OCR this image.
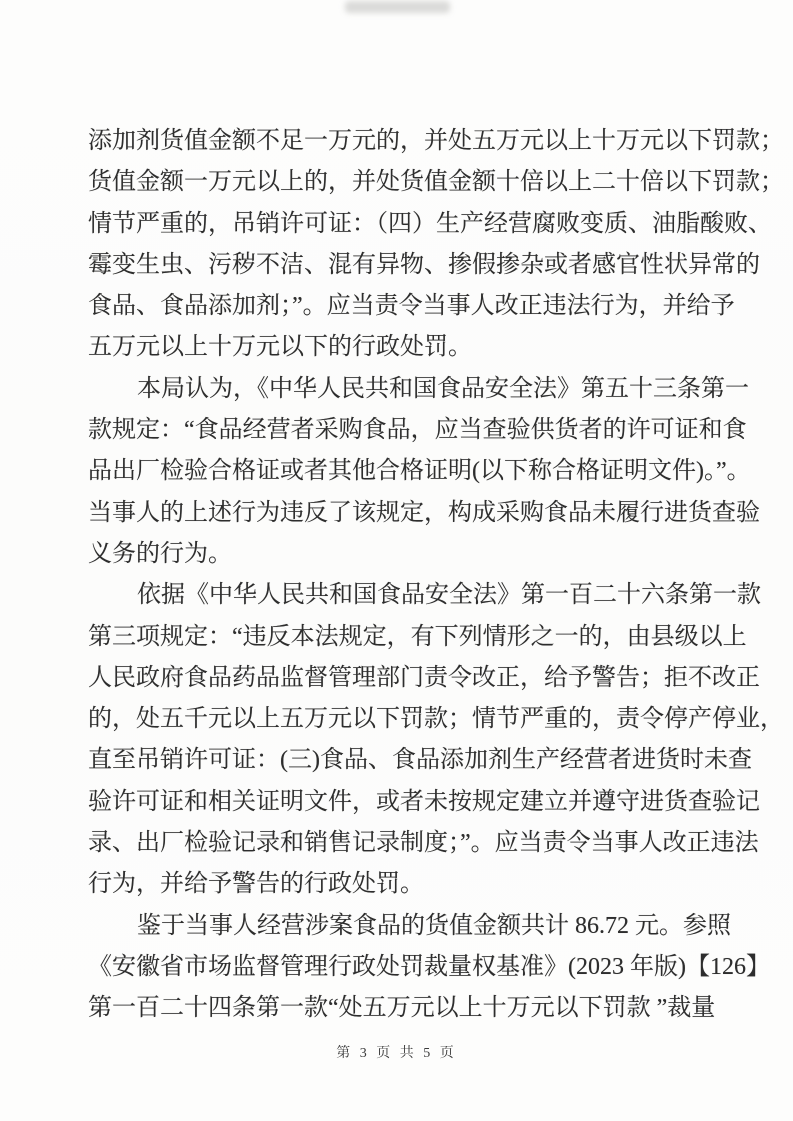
添加剂货值金额不足一万元的，并处五万元以上十万元以下罚款；
货值金额一万元以上的，并处货值金额十倍以上二十倍以下罚款；
情节严重的，吊销许可证：（四）生产经营腐败变质、油脂酸败、
霉变生虫、污秽不洁、混有异物、掺假掺杂或者感官性状异常的
食品、食品添加剂；”。应当责令当事人改正违法行为，并给予
五万元以上十万元以下的行政处罚。
本局认为，《中华人民共和国食品安全法》第五十三条第一
款规定：“食品经营者采购食品，应当查验供货者的许可证和食
品出厂检验合格证或者其他合格证明(以下称合格证明文件)。”。
当事人的上述行为违反了该规定，构成采购食品未履行进货查验
义务的行为。
依据《中华人民共和国食品安全法》第一百二十六条第一款
第三项规定：“违反本法规定，有下列情形之一的，由县级以上
人民政府食品药品监督管理部门责令改正，给予警告；拒不改正
的，处五千元以上五万元以下罚款；情节严重的，责令停产停业，
直至吊销许可证：(三)食品、食品添加剂生产经营者进货时未查
验许可证和相关证明文件，或者未按规定建立并遵守进货查验记
录、出厂检验记录和销售记录制度；”。应当责令当事人改正违法
行为，并给予警告的行政处罚。
鉴于当事人经营涉案食品的货值金额共计 86.72 元。参照
《安徽省市场监督管理行政处罚裁量权基准》(2023 年版)【126】
第一百二十四条第一款“处五万元以上十万元以下罚款 ”裁量
第 3 页 共 5 页
